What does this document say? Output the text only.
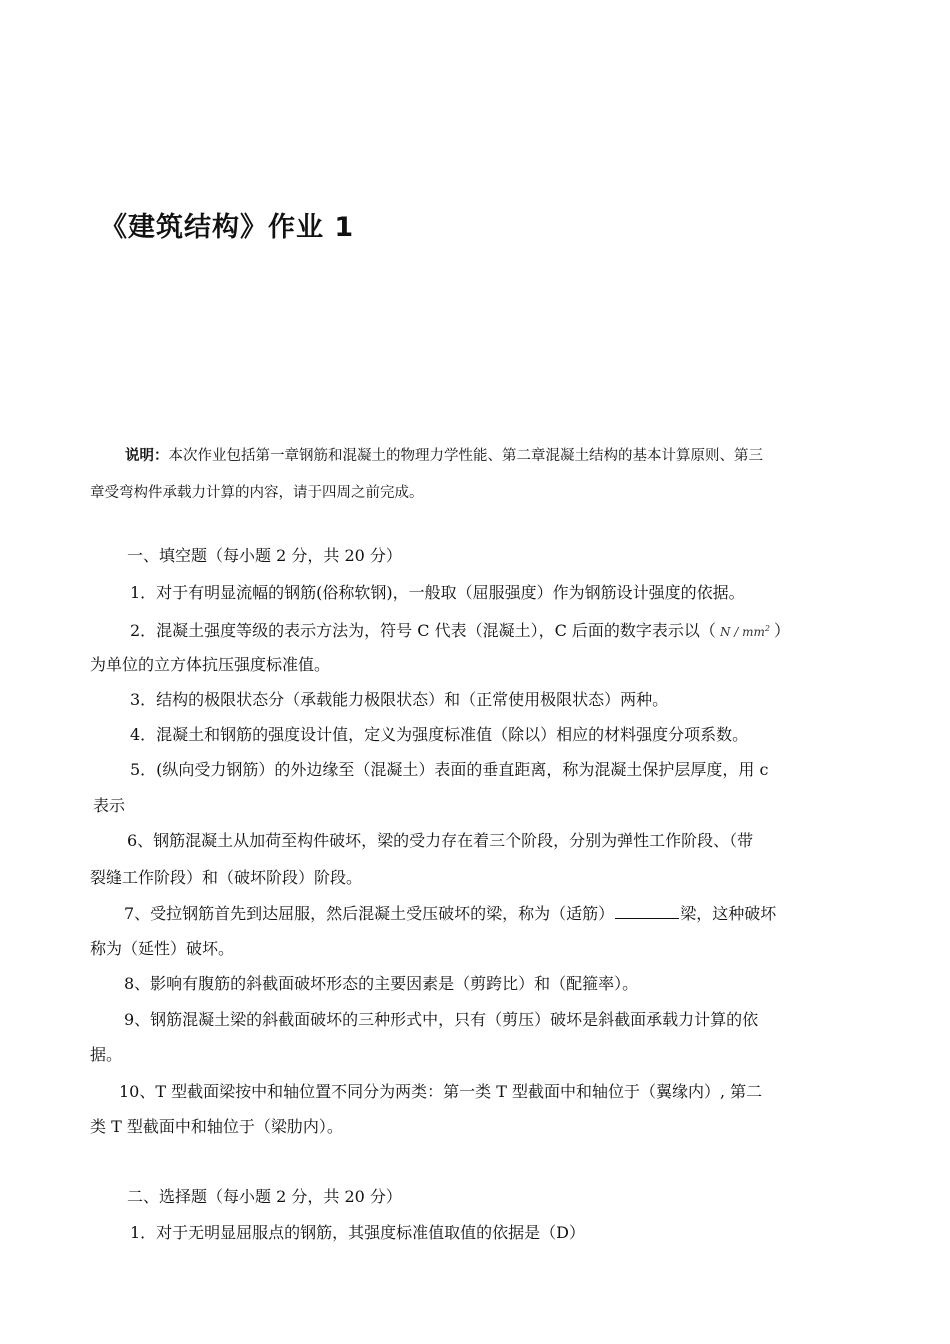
《建筑结构》作业 1
说明：本次作业包括第一章钢筋和混凝土的物理力学性能、第二章混凝土结构的基本计算原则、第三
章受弯构件承载力计算的内容，请于四周之前完成。
一、填空题（每小题 2 分，共 20 分）
1．对于有明显流幅的钢筋(俗称软钢)，一般取（屈服强度）作为钢筋设计强度的依据。
2．混凝土强度等级的表示方法为，符号 C 代表（混凝土），C 后面的数字表示以（ N / $mm^2$ ）
为单位的立方体抗压强度标准值。
3．结构的极限状态分（承载能力极限状态）和（正常使用极限状态）两种。
4．混凝土和钢筋的强度设计值，定义为强度标准值（除以）相应的材料强度分项系数。
5．(纵向受力钢筋）的外边缘至（混凝土）表面的垂直距离，称为混凝土保护层厚度，用 c
表示
6、钢筋混凝土从加荷至构件破坏，梁的受力存在着三个阶段，分别为弹性工作阶段、（带
裂缝工作阶段）和（破坏阶段）阶段。
7、受拉钢筋首先到达屈服，然后混凝土受压破坏的梁，称为（适筋）	梁，这种破坏
称为（延性）破坏。
8、影响有腹筋的斜截面破坏形态的主要因素是（剪跨比）和（配箍率）。
9、钢筋混凝土梁的斜截面破坏的三种形式中，只有（剪压）破坏是斜截面承载力计算的依
据。
10、T 型截面梁按中和轴位置不同分为两类：第一类 T 型截面中和轴位于（翼缘内）, 第二
类 T 型截面中和轴位于（梁肋内）。
二、选择题（每小题 2 分，共 20 分）
1．对于无明显屈服点的钢筋，其强度标准值取值的依据是（D）
